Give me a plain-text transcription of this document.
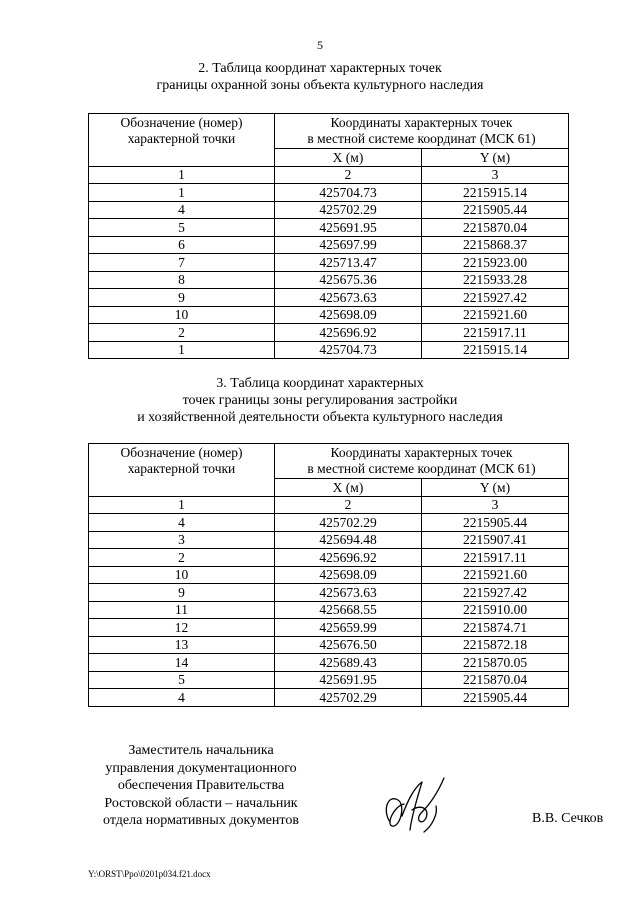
5
2. Таблица координат характерных точек
границы охранной зоны объекта культурного наследия
Обозначение (номер)
характерной точки	Координаты характерных точек
в местной системе координат (МСК 61)	

	X (м)	Y (м)
1	2	3
1	425704.73	2215915.14
4	425702.29	2215905.44
5	425691.95	2215870.04
6	425697.99	2215868.37
7	425713.47	2215923.00
8	425675.36	2215933.28
9	425673.63	2215927.42
10	425698.09	2215921.60
2	425696.92	2215917.11
1	425704.73	2215915.14
3. Таблица координат характерных
точек границы зоны регулирования застройки
и хозяйственной деятельности объекта культурного наследия
Обозначение (номер)
характерной точки	Координаты характерных точек
в местной системе координат (МСК 61)	

	X (м)	Y (м)
1	2	3
4	425702.29	2215905.44
3	425694.48	2215907.41
2	425696.92	2215917.11
10	425698.09	2215921.60
9	425673.63	2215927.42
11	425668.55	2215910.00
12	425659.99	2215874.71
13	425676.50	2215872.18
14	425689.43	2215870.05
5	425691.95	2215870.04
4	425702.29	2215905.44
Заместитель начальника
управления документационного
обеспечения Правительства
Ростовской области – начальник
отдела нормативных документов	В.В. Сечков
Y:\ORST\Ppo\0201p034.f21.docx
